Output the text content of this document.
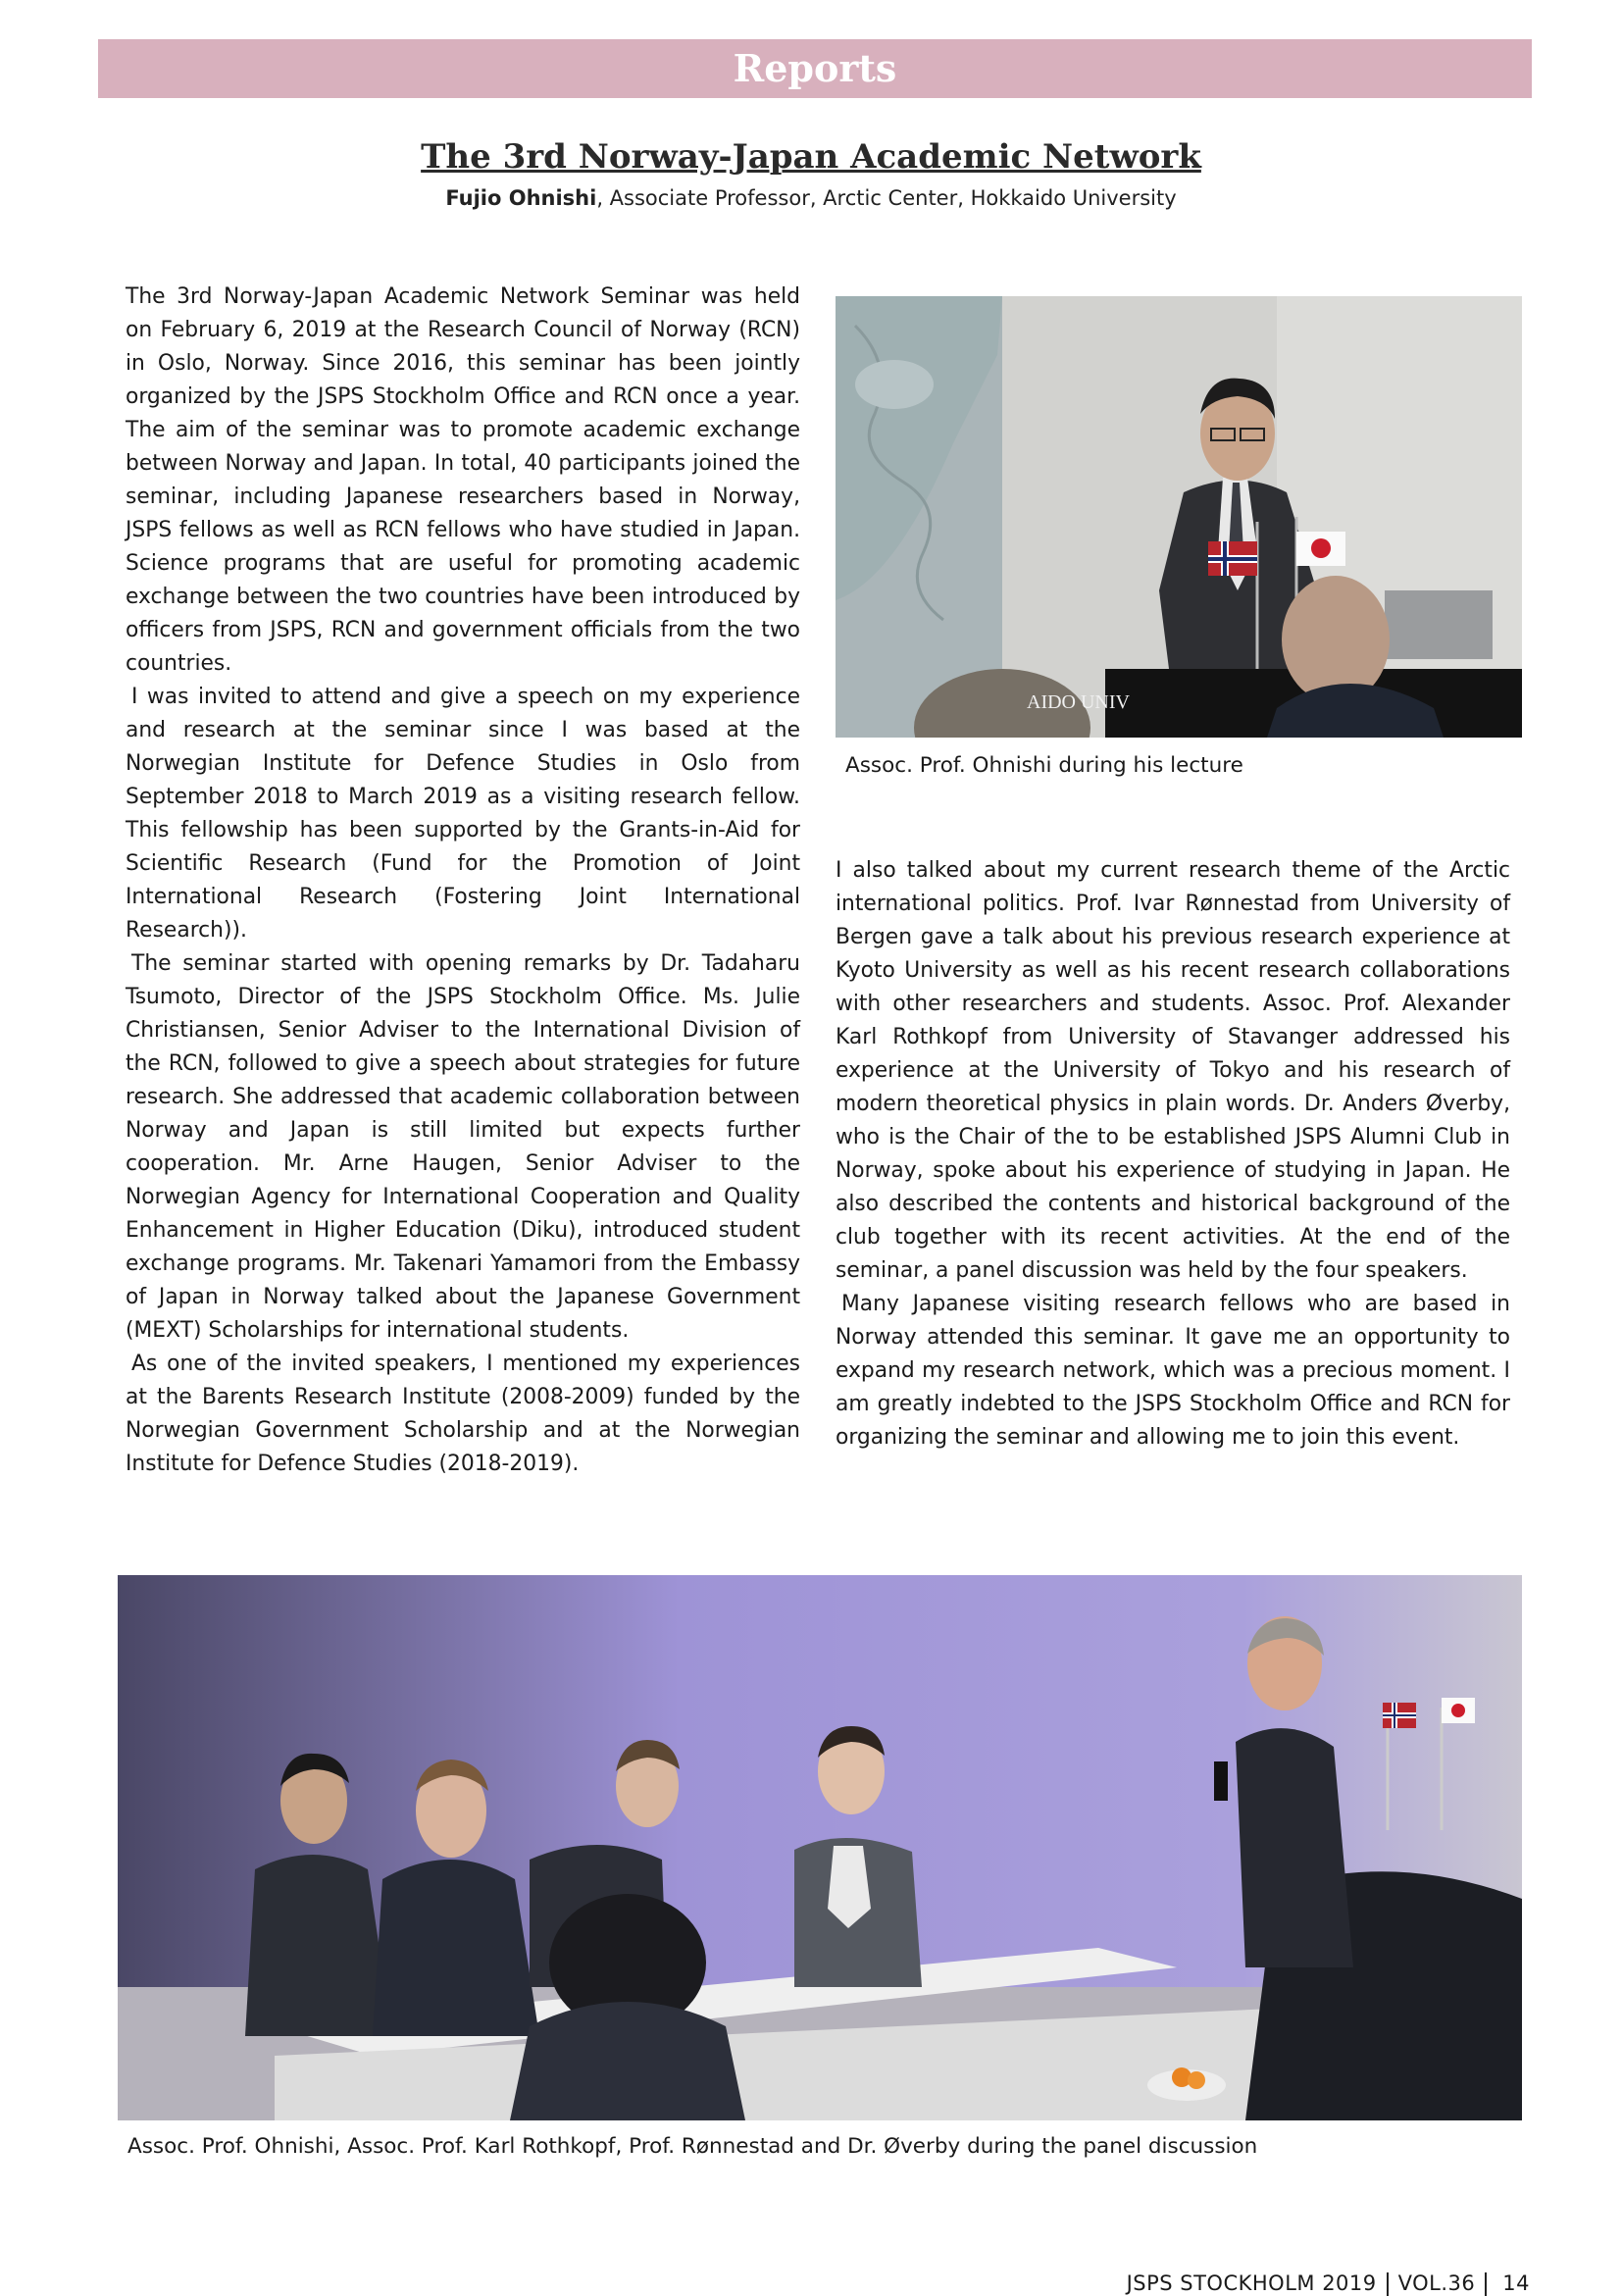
Reports
The 3rd Norway-Japan Academic Network
Fujio Ohnishi, Associate Professor, Arctic Center, Hokkaido University

The 3rd Norway-Japan Academic Network Seminar was held on February 6, 2019 at the Research Council of Norway (RCN) in Oslo, Norway. Since 2016, this seminar has been jointly organized by the JSPS Stockholm Office and RCN once a year. The aim of the seminar was to promote academic exchange between Norway and Japan. In total, 40 participants joined the seminar, including Japanese researchers based in Norway, JSPS fellows as well as RCN fellows who have studied in Japan. Science programs that are useful for promoting academic exchange between the two countries have been introduced by officers from JSPS, RCN and government officials from the two countries.

I was invited to attend and give a speech on my experience and research at the seminar since I was based at the Norwegian Institute for Defence Studies in Oslo from September 2018 to March 2019 as a visiting research fellow. This fellowship has been supported by the Grants-in-Aid for Scientific Research (Fund for the Promotion of Joint International Research (Fostering Joint International Research)).

The seminar started with opening remarks by Dr. Tadaharu Tsumoto, Director of the JSPS Stockholm Office. Ms. Julie Christiansen, Senior Adviser to the International Division of the RCN, followed to give a speech about strategies for future research. She addressed that academic collaboration between Norway and Japan is still limited but expects further cooperation. Mr. Arne Haugen, Senior Adviser to the Norwegian Agency for International Cooperation and Quality Enhancement in Higher Education (Diku), introduced student exchange programs. Mr. Takenari Yamamori from the Embassy of Japan in Norway talked about the Japanese Government (MEXT) Scholarships for international students.

As one of the invited speakers, I mentioned my experiences at the Barents Research Institute (2008-2009) funded by the Norwegian Government Scholarship and at the Norwegian Institute for Defence Studies (2018-2019).

AIDO UNIV
Assoc. Prof. Ohnishi during his lecture

I also talked about my current research theme of the Arctic international politics. Prof. Ivar Rønnestad from University of Bergen gave a talk about his previous research experience at Kyoto University as well as his recent research collaborations with other researchers and students. Assoc. Prof. Alexander Karl Rothkopf from University of Stavanger addressed his experience at the University of Tokyo and his research of modern theoretical physics in plain words. Dr. Anders Øverby, who is the Chair of the to be established JSPS Alumni Club in Norway, spoke about his experience of studying in Japan. He also described the contents and historical background of the club together with its recent activities. At the end of the seminar, a panel discussion was held by the four speakers.

Many Japanese visiting research fellows who are based in Norway attended this seminar. It gave me an opportunity to expand my research network, which was a precious moment. I am greatly indebted to the JSPS Stockholm Office and RCN for organizing the seminar and allowing me to join this event.

Assoc. Prof. Ohnishi, Assoc. Prof. Karl Rothkopf, Prof. Rønnestad and Dr. Øverby during the panel discussion
JSPS STOCKHOLM 2019 VOL.36 14
